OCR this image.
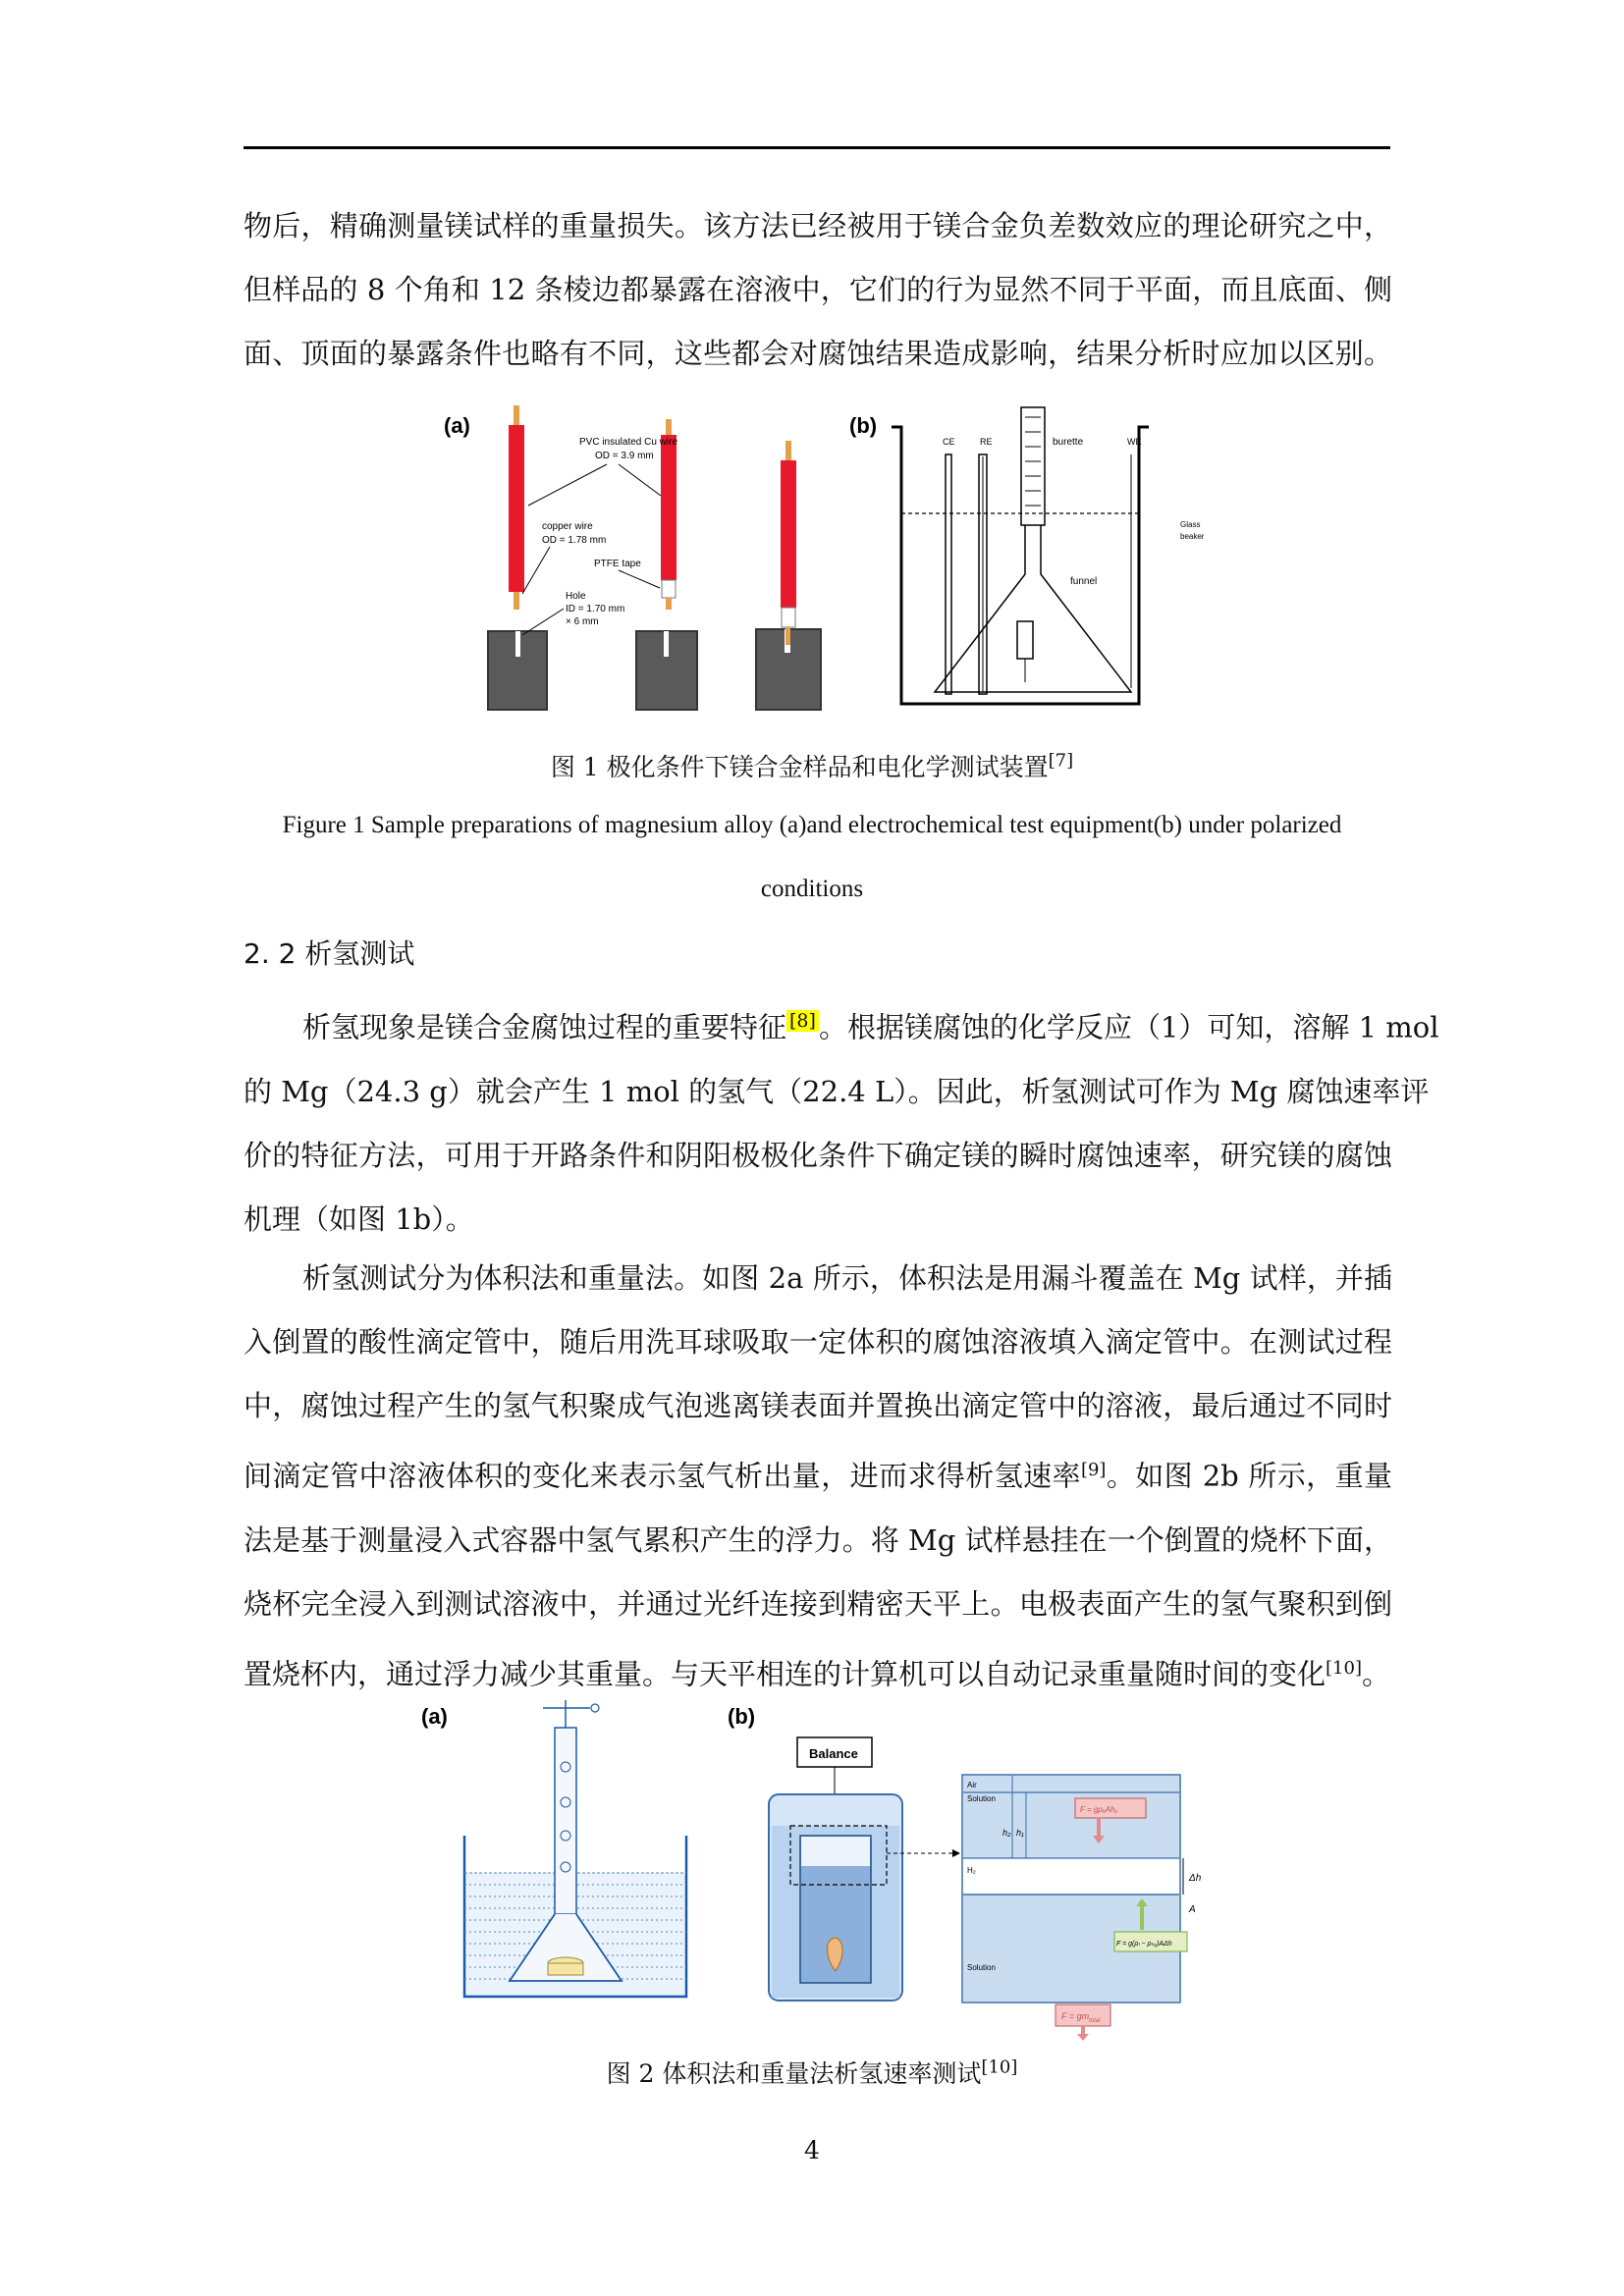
物后，精确测量镁试样的重量损失。该方法已经被用于镁合金负差数效应的理论研究之中，
但样品的 8 个角和 12 条棱边都暴露在溶液中，它们的行为显然不同于平面，而且底面、侧
面、顶面的暴露条件也略有不同，这些都会对腐蚀结果造成影响，结果分析时应加以区别。
(a)	(b)
PVC insulated Cu wire
OD = 3.9 mm
copper wire
OD = 1.78 mm
PTFE tape
Hole
ID = 1.70 mm
× 6 mm
CE	RE	burette	WE
Glass
beaker
funnel
图 1 极化条件下镁合金样品和电化学测试装置[7]
Figure 1 Sample preparations of magnesium alloy (a)and electrochemical test equipment(b) under polarized
conditions
2. 2 析氢测试
析氢现象是镁合金腐蚀过程的重要特征 [8] 。根据镁腐蚀的化学反应（1）可知，溶解 1 mol
的 Mg（24.3 g）就会产生 1 mol 的氢气（22.4 L）。因此，析氢测试可作为 Mg 腐蚀速率评
价的特征方法，可用于开路条件和阴阳极极化条件下确定镁的瞬时腐蚀速率，研究镁的腐蚀
机理（如图 1b）。
析氢测试分为体积法和重量法。如图 2a 所示，体积法是用漏斗覆盖在 Mg 试样，并插
入倒置的酸性滴定管中，随后用洗耳球吸取一定体积的腐蚀溶液填入滴定管中。在测试过程
中，腐蚀过程产生的氢气积聚成气泡逃离镁表面并置换出滴定管中的溶液，最后通过不同时
间滴定管中溶液体积的变化来表示氢气析出量，进而求得析氢速率[9]。如图 2b 所示，重量
法是基于测量浸入式容器中氢气累积产生的浮力。将 Mg 试样悬挂在一个倒置的烧杯下面，
烧杯完全浸入到测试溶液中，并通过光纤连接到精密天平上。电极表面产生的氢气聚积到倒
置烧杯内，通过浮力减少其重量。与天平相连的计算机可以自动记录重量随时间的变化[10]。
(a)	(b)
Balance
Air
Solution
H₂
Solution
h₂ h₁
Δh
A
F = gρₐAh₁
F = g(ρₗ − ρₕ₂)AΔh
$F = gm_{total}$
图 2 体积法和重量法析氢速率测试[10]
4
